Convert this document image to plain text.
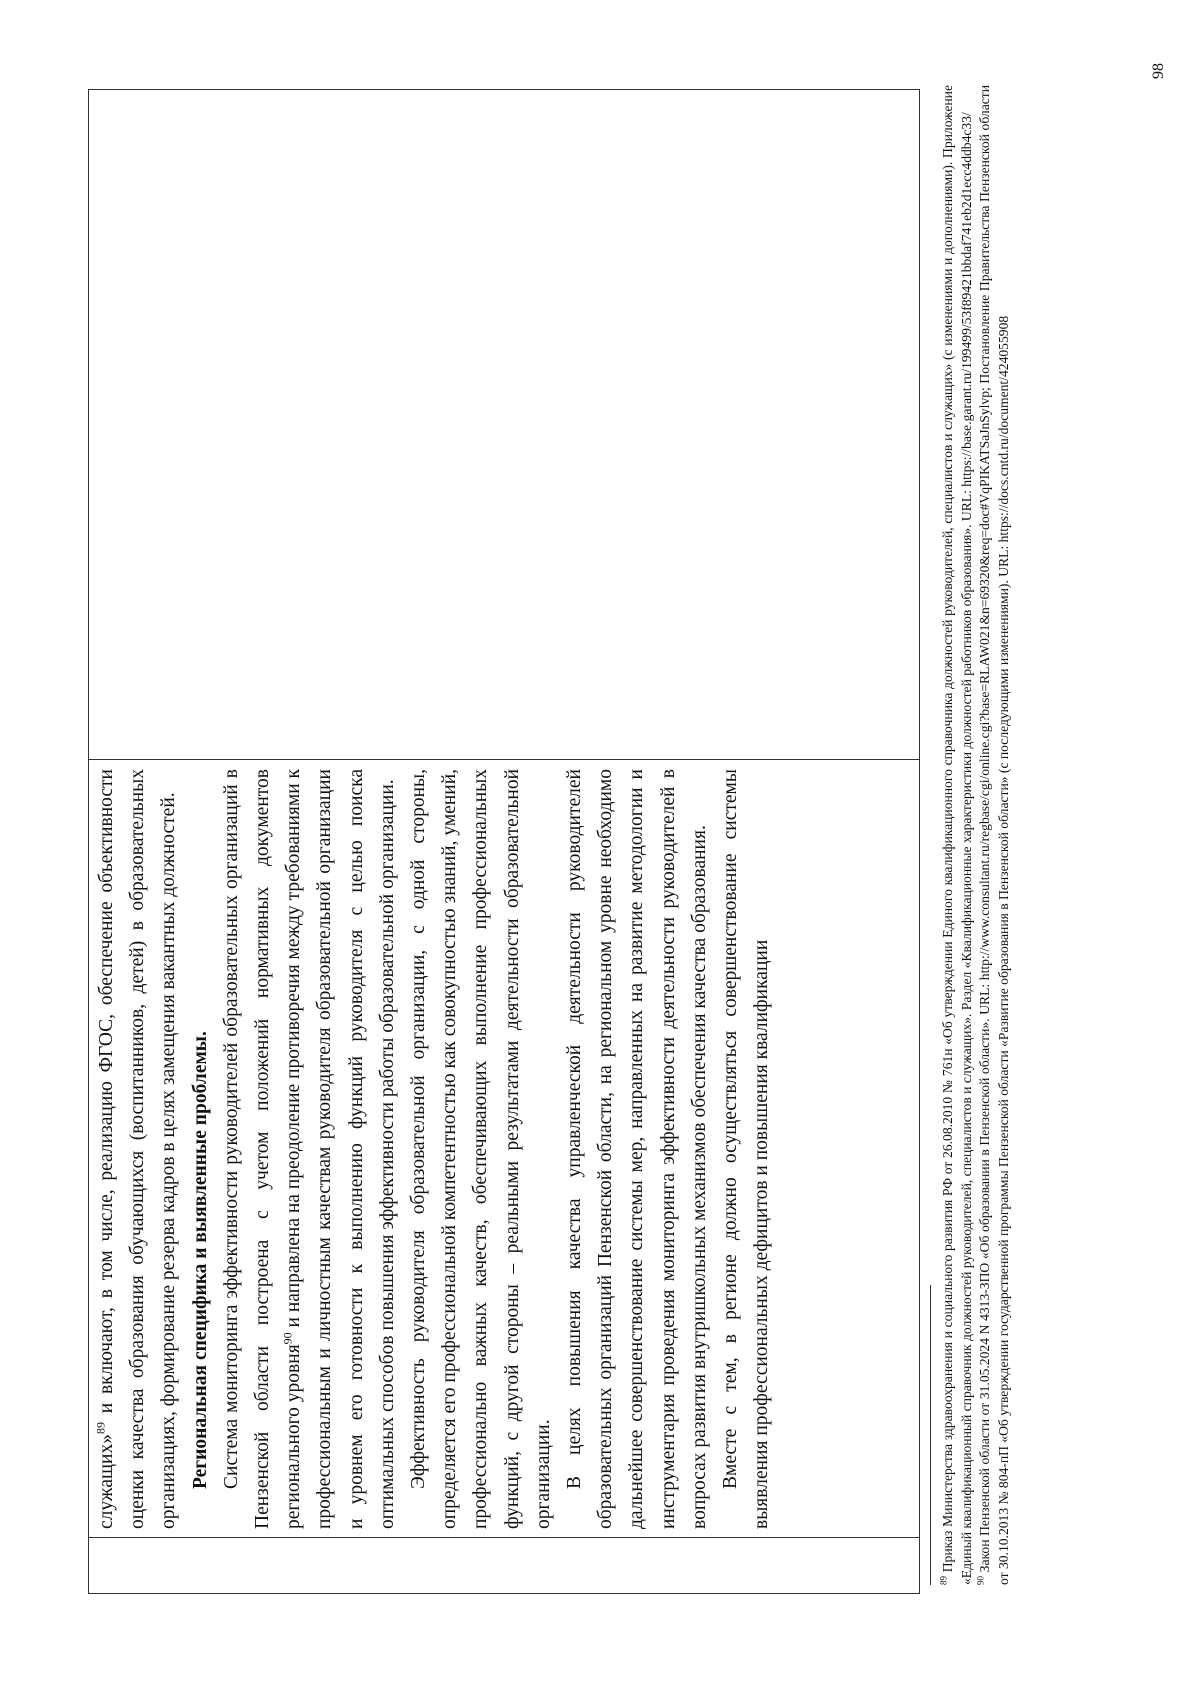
служащих»$^{89}$ и включают, в том числе, реализацию ФГОС, обеспечение объективности оценки качества образования обучающихся (воспитанников, детей) в образовательных организациях, формирование резерва кадров в целях замещения вакантных должностей. Региональная специфика и выявленные проблемы. Система мониторинга эффективности руководителей образовательных организаций в Пензенской области построена с учетом положений нормативных документов регионального уровня$^{90}$ и направлена на преодоление противоречия между требованиями к профессиональным и личностным качествам руководителя образовательной организации и уровнем его готовности к выполнению функций руководителя с целью поиска оптимальных способов повышения эффективности работы образовательной организации. Эффективность руководителя образовательной организации, с одной стороны, определяется его профессиональной компетентностью как совокупностью знаний, умений, профессионально важных качеств, обеспечивающих выполнение профессиональных функций, с другой стороны – реальными результатами деятельности образовательной организации. В целях повышения качества управленческой деятельности руководителей образовательных организаций Пензенской области, на региональном уровне необходимо дальнейшее совершенствование системы мер, направленных на развитие методологии и инструментария проведения мониторинга эффективности деятельности руководителей в вопросах развития внутришкольных механизмов обеспечения качества образования. Вместе с тем, в регионе должно осуществляться совершенствование системы выявления профессиональных дефицитов и повышения квалификации

$^{89}$ Приказ Министерства здравоохранения и социального развития РФ от 26.08.2010 № 761н «Об утверждении Единого квалификационного справочника должностей руководителей, специалистов и служащих» (с изменениями и дополнениями). Приложение «Единый квалификационный справочник должностей руководителей, специалистов и служащих». Раздел «Квалификационные характеристики должностей работников образования». URL: https://base.garant.ru/199499/53f89421bbdaf741eb2d1ecc4ddb4c33/ $^{90}$ Закон Пензенской области от 31.05.2024 N 4313-ЗПО «Об образовании в Пензенской области». URL: http://www.consultant.ru/regbase/cgi/online.cgi?base=RLAW021&n=69320&req=doc#VqPIKATSaJnSylvp; Постановление Правительства Пензенской области от 30.10.2013 № 804-пП «Об утверждении государственной программы Пензенской области «Развитие образования в Пензенской области» (с последующими изменениями). URL: https://docs.cntd.ru/document/424055908

98
